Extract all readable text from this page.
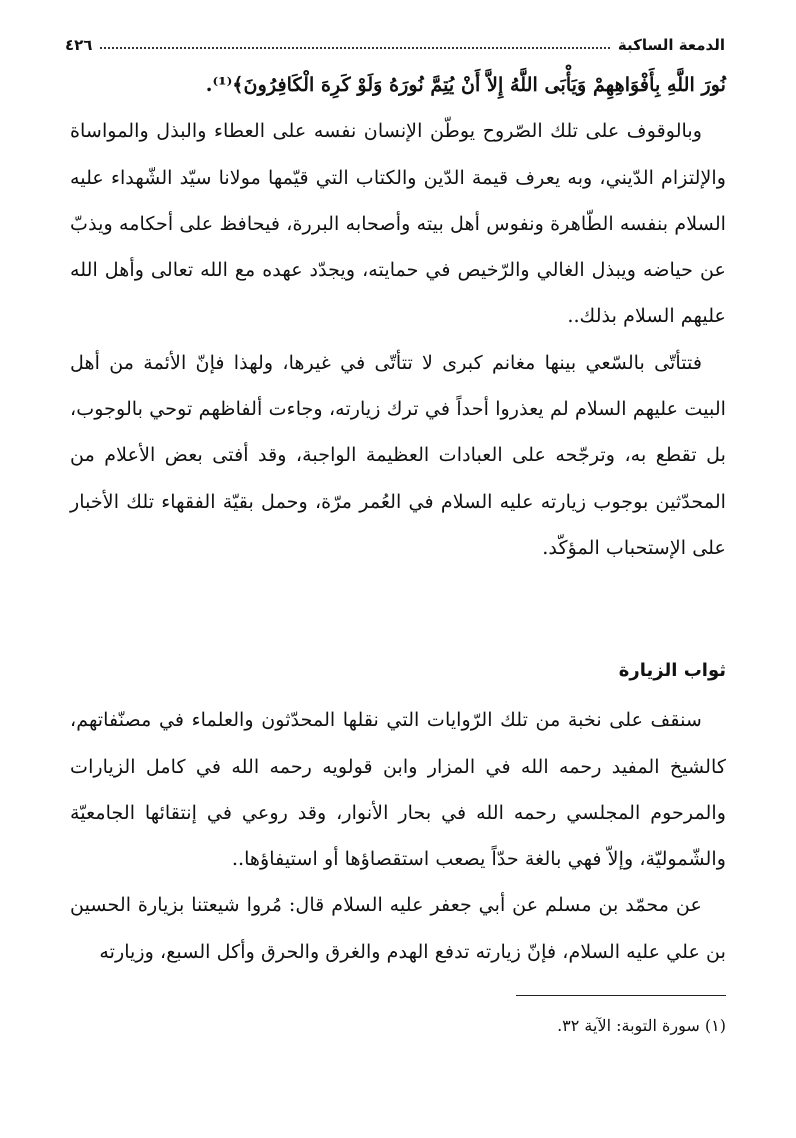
٤٢٦	الدمعة الساكبة

نُورَ اللَّهِ بِأَفْوَاهِهِمْ وَيَأْبَى اللَّهُ إِلاَّ أَنْ يُتِمَّ نُورَهُ وَلَوْ كَرِهَ الْكَافِرُونَ﴾⁽¹⁾.

وبالوقوف على تلك الصّروح يوطّن الإنسان نفسه على العطاء والبذل والمواساة والإلتزام الدّيني، وبه يعرف قيمة الدّين والكتاب التي قيّمها مولانا سيّد الشّهداء عليه السلام بنفسه الطّاهرة ونفوس أهل بيته وأصحابه البررة، فيحافظ على أحكامه ويذبّ عن حياضه ويبذل الغالي والرّخيص في حمايته، ويجدّد عهده مع الله تعالى وأهل الله عليهم السلام بذلك..

فتتأتّى بالسّعي بينها مغانم كبرى لا تتأتّى في غيرها، ولهذا فإنّ الأئمة من أهل البيت عليهم السلام لم يعذروا أحداً في ترك زيارته، وجاءت ألفاظهم توحي بالوجوب، بل تقطع به، وترجّحه على العبادات العظيمة الواجبة، وقد أفتى بعض الأعلام من المحدّثين بوجوب زيارته عليه السلام في العُمر مرّة، وحمل بقيّة الفقهاء تلك الأخبار على الإستحباب المؤكّد.

ثواب الزيارة

سنقف على نخبة من تلك الرّوايات التي نقلها المحدّثون والعلماء في مصنّفاتهم، كالشيخ المفيد رحمه الله في المزار وابن قولويه رحمه الله في كامل الزيارات والمرحوم المجلسي رحمه الله في بحار الأنوار، وقد روعي في إنتقائها الجامعيّة والشّموليّة، وإلاّ فهي بالغة حدّاً يصعب استقصاؤها أو استيفاؤها..

عن محمّد بن مسلم عن أبي جعفر عليه السلام قال: مُروا شيعتنا بزيارة الحسين بن علي عليه السلام، فإنّ زيارته تدفع الهدم والغرق والحرق وأكل السبع، وزيارته

(١) سورة التوبة: الآية ٣٢.
